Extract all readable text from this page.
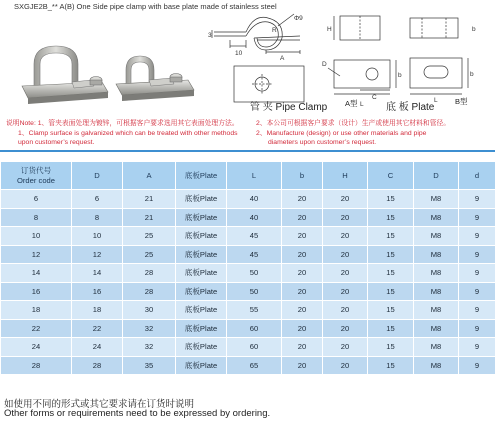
SXGJE2B_** A(B) One Side pipe clamp with base plate made of stainless steel
3
10
A
R
Φ9
H	b
D
C
L
b	b
L
管 夹 Pipe Clamp A型	底 板 Plate
B型
说明Note: 1、管夹表面处理为镀锌，可根据客户要求选用其它表面处理方法。
1、Clamp surface is galvanized which can be treated with other methods
upon customer’s request.
2、本公司可根据客户要求（设计）生产或使用其它材料和管径。
2、Manufacture (design) or use other materials and pipe
diameters upon customer’s request.
订货代号
Order code	D	A	底板Plate	L	b	H	C	D	d
6	6	21	底板Plate	40	20	20	15	M8	9
8	8	21	底板Plate	40	20	20	15	M8	9
10	10	25	底板Plate	45	20	20	15	M8	9
12	12	25	底板Plate	45	20	20	15	M8	9
14	14	28	底板Plate	50	20	20	15	M8	9
16	16	28	底板Plate	50	20	20	15	M8	9
18	18	30	底板Plate	55	20	20	15	M8	9
22	22	32	底板Plate	60	20	20	15	M8	9
24	24	32	底板Plate	60	20	20	15	M8	9
28	28	35	底板Plate	65	20	20	15	M8	9
如使用不同的形式或其它要求请在订货时说明
Other forms or requirements need to be expressed by ordering.
